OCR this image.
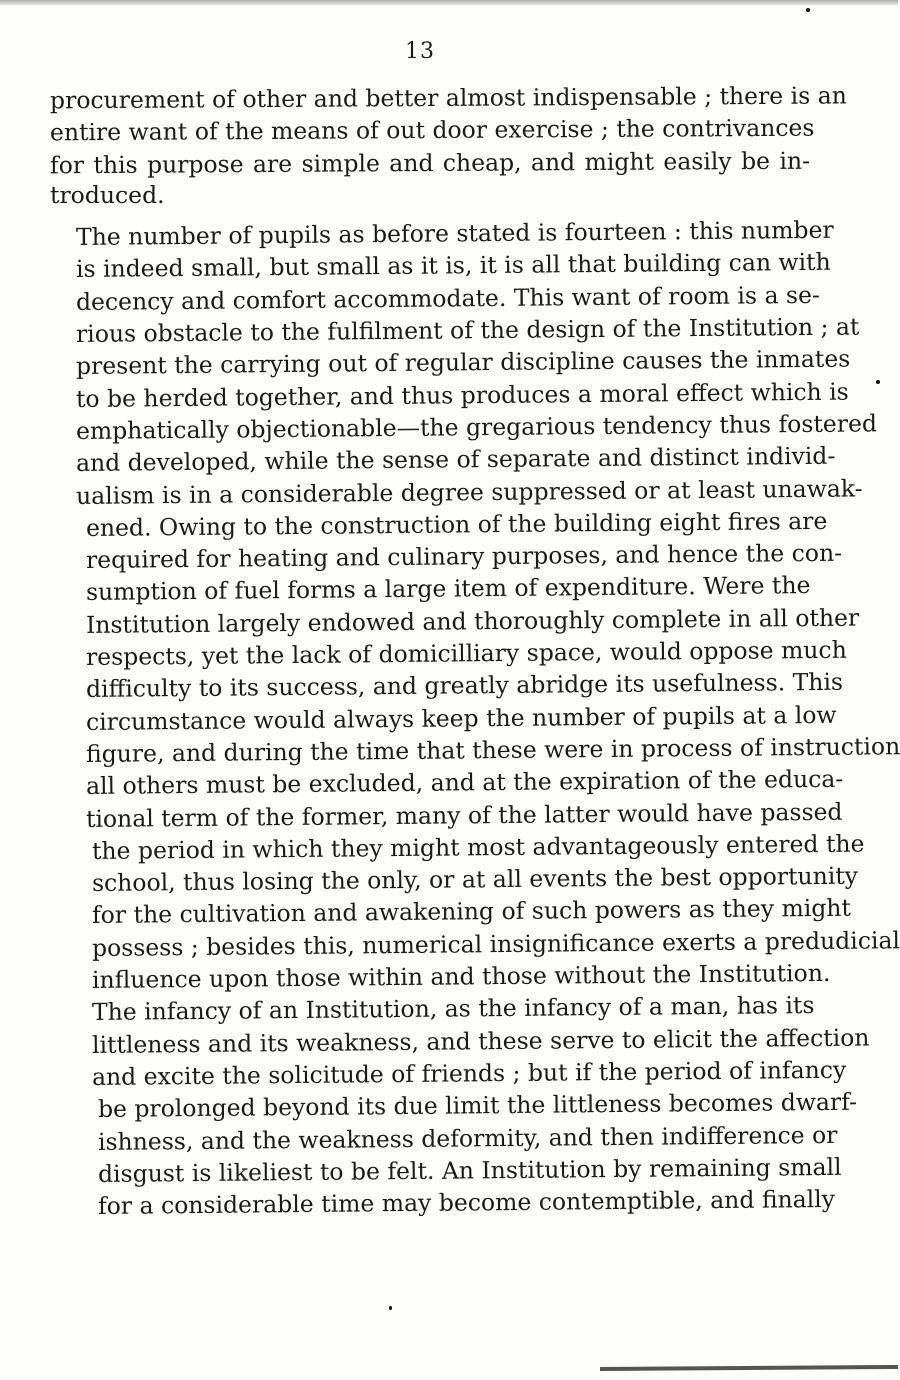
13
procurement of other and better almost indispensable ; there is an
entire want of the means of out door exercise ; the contrivances
for this purpose are simple and cheap, and might easily be in-
troduced.
The number of pupils as before stated is fourteen : this number
is indeed small, but small as it is, it is all that building can with
decency and comfort accommodate. This want of room is a se-
rious obstacle to the fulfilment of the design of the Institution ; at
present the carrying out of regular discipline causes the inmates
to be herded together, and thus produces a moral effect which is
emphatically objectionable—the gregarious tendency thus fostered
and developed, while the sense of separate and distinct individ-
ualism is in a considerable degree suppressed or at least unawak-
ened. Owing to the construction of the building eight fires are
required for heating and culinary purposes, and hence the con-
sumption of fuel forms a large item of expenditure. Were the
Institution largely endowed and thoroughly complete in all other
respects, yet the lack of domicilliary space, would oppose much
difficulty to its success, and greatly abridge its usefulness. This
circumstance would always keep the number of pupils at a low
figure, and during the time that these were in process of instruction
all others must be excluded, and at the expiration of the educa-
tional term of the former, many of the latter would have passed
the period in which they might most advantageously entered the
school, thus losing the only, or at all events the best opportunity
for the cultivation and awakening of such powers as they might
possess ; besides this, numerical insignificance exerts a predudicial
influence upon those within and those without the Institution.
The infancy of an Institution, as the infancy of a man, has its
littleness and its weakness, and these serve to elicit the affection
and excite the solicitude of friends ; but if the period of infancy
be prolonged beyond its due limit the littleness becomes dwarf-
ishness, and the weakness deformity, and then indifference or
disgust is likeliest to be felt. An Institution by remaining small
for a considerable time may become contemptible, and finally
